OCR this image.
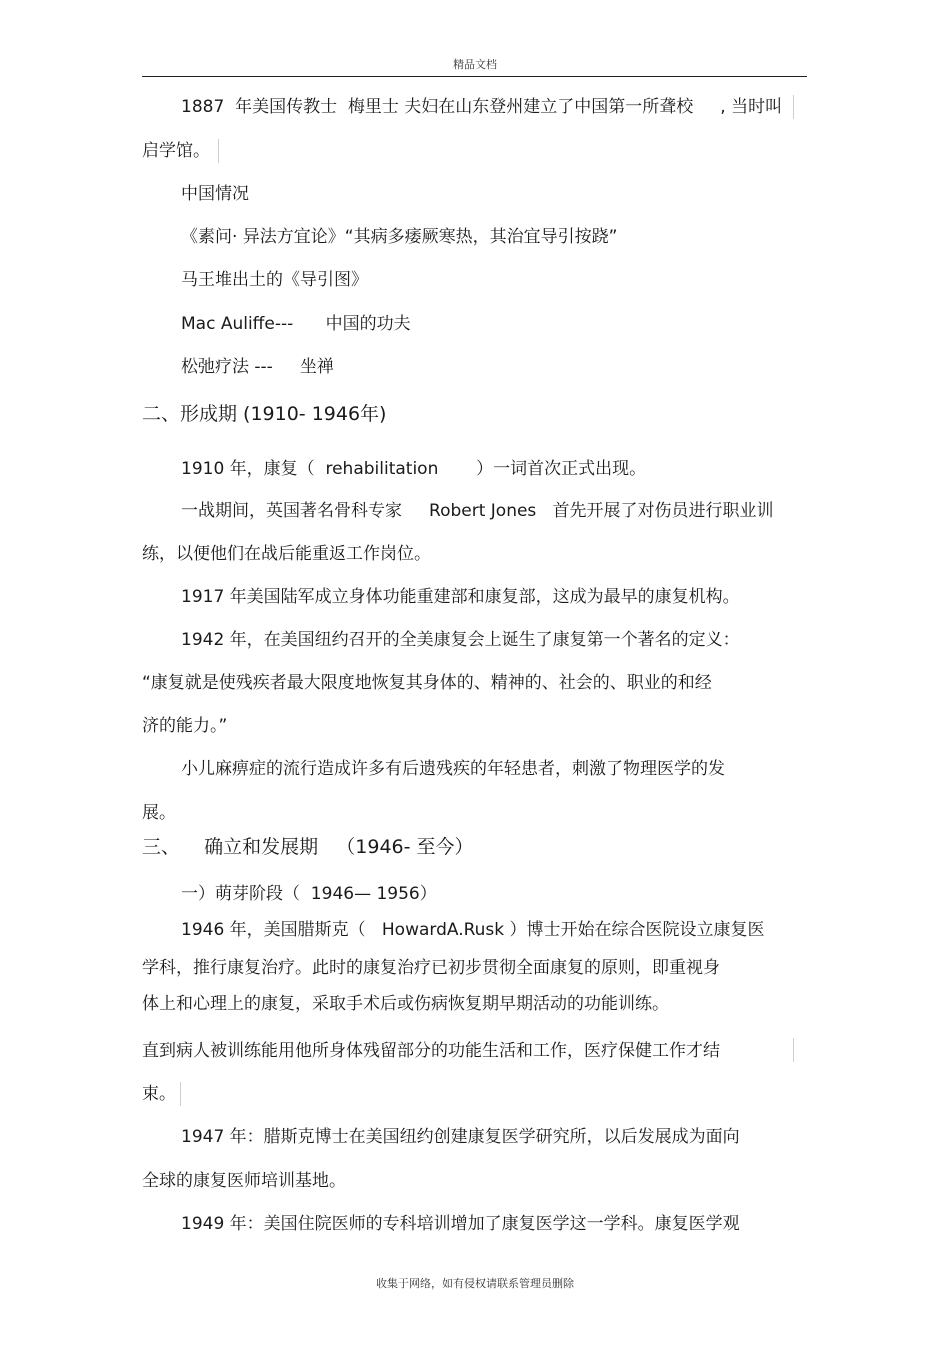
精品文档
1887  年美国传教士  梅里士 夫妇在山东登州建立了中国第一所聋校     , 当时叫
启学馆。
中国情况
《素问· 异法方宜论》“其病多痿厥寒热，其治宜导引按跷”
马王堆出土的《导引图》
Mac Auliffe---      中国的功夫
松弛疗法 ---     坐禅
二、形成期 (1910- 1946年)
1910 年，康复（  rehabilitation       ）一词首次正式出现。
一战期间，英国著名骨科专家     Robert Jones   首先开展了对伤员进行职业训
练，以便他们在战后能重返工作岗位。
1917 年美国陆军成立身体功能重建部和康复部，这成为最早的康复机构。
1942 年，在美国纽约召开的全美康复会上诞生了康复第一个著名的定义：
“康复就是使残疾者最大限度地恢复其身体的、精神的、社会的、职业的和经
济的能力。”
小儿麻痹症的流行造成许多有后遗残疾的年轻患者，刺激了物理医学的发
展。
三、    确立和发展期   （1946- 至今）
一）萌芽阶段（  1946— 1956）
1946 年，美国腊斯克（   HowardA.Rusk ）博士开始在综合医院设立康复医
学科，推行康复治疗。此时的康复治疗已初步贯彻全面康复的原则，即重视身
体上和心理上的康复，采取手术后或伤病恢复期早期活动的功能训练。
直到病人被训练能用他所身体残留部分的功能生活和工作，医疗保健工作才结
束。
1947 年：腊斯克博士在美国纽约创建康复医学研究所，以后发展成为面向
全球的康复医师培训基地。
1949 年：美国住院医师的专科培训增加了康复医学这一学科。康复医学观
收集于网络，如有侵权请联系管理员删除
